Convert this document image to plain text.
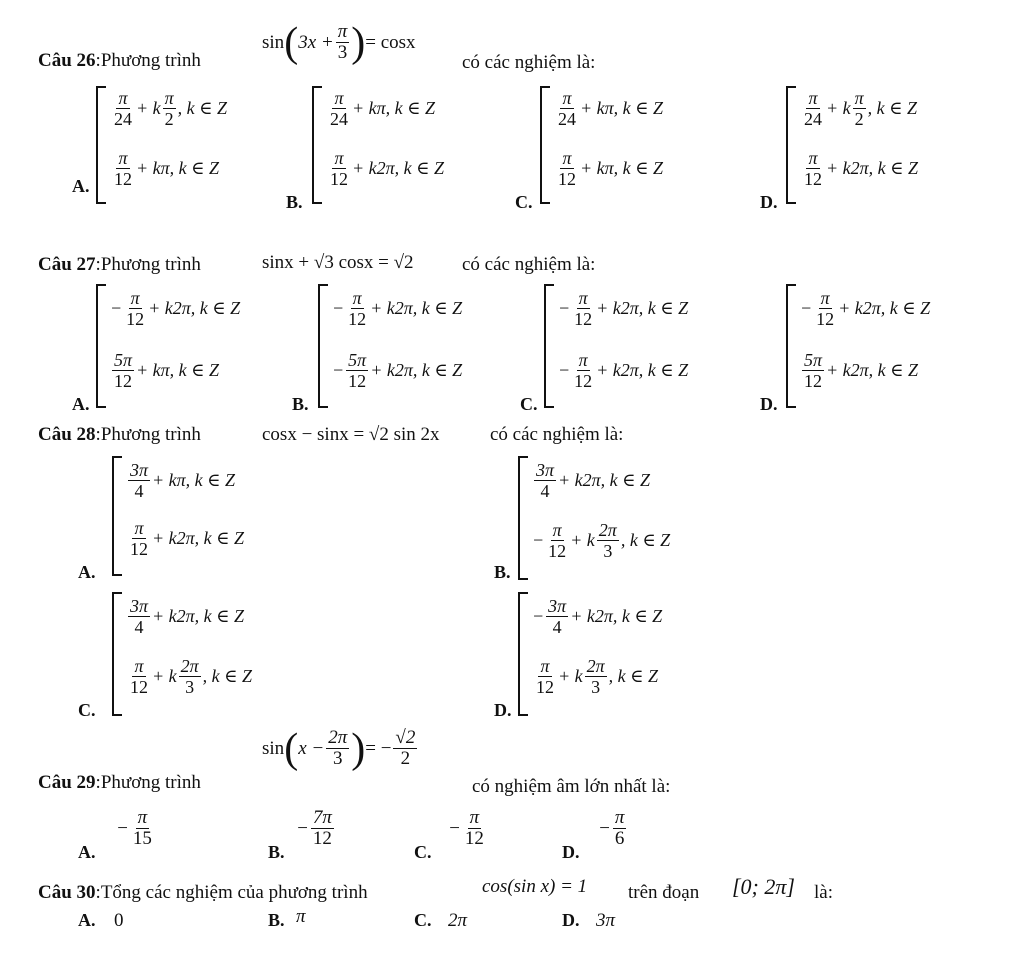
Câu 26:Phương trình
sin ( $3x + \frac{\pi}{3}$ ) = cosx
có các nghiệm là:
A.
$\frac{\pi}{24} + k \frac{\pi}{2}$ , k ∈ Z
$\frac{\pi}{12} + k\pi$, k ∈ Z
B.
$\frac{\pi}{24} + k\pi$, k ∈ Z
$\frac{\pi}{12} + k2\pi$, k ∈ Z
C.
$\frac{\pi}{24} + k\pi$, k ∈ Z
$\frac{\pi}{12} + k\pi$, k ∈ Z
D.
$\frac{\pi}{24} + k \frac{\pi}{2}$ , k ∈ Z
$\frac{\pi}{12} + k2\pi$, k ∈ Z
Câu 27:Phương trình	sinx + √3 cosx = √2	có các nghiệm là:
A.
− $\frac{\pi}{12} + k2\pi$, k ∈ Z
$\frac{5\pi}{12} + k\pi$, k ∈ Z
B.
− $\frac{\pi}{12} + k2\pi$, k ∈ Z
− $\frac{5\pi}{12} + k2\pi$, k ∈ Z
C.
− $\frac{\pi}{12} + k2\pi$, k ∈ Z
− $\frac{\pi}{12} + k2\pi$, k ∈ Z
D.
− $\frac{\pi}{12} + k2\pi$, k ∈ Z
$\frac{5\pi}{12} + k2\pi$, k ∈ Z
Câu 28:Phương trình	cosx − sinx = √2 sin 2x	có các nghiệm là:
A.
$\frac{3\pi}{4} + k\pi$, k ∈ Z
$\frac{\pi}{12} + k2\pi$, k ∈ Z
B.
$\frac{3\pi}{4} + k2\pi$, k ∈ Z
− $\frac{\pi}{12} + k \frac{2\pi}{3}$ , k ∈ Z
C.
$\frac{3\pi}{4} + k2\pi$, k ∈ Z
$\frac{\pi}{12} + k \frac{2\pi}{3}$ , k ∈ Z
D.
− $\frac{3\pi}{4} + k2\pi$, k ∈ Z
$\frac{\pi}{12} + k \frac{2\pi}{3}$ , k ∈ Z
Câu 29:Phương trình
sin ( $x - \frac{2\pi}{3}$ ) = − $\frac{√2}{2}$
có nghiệm âm lớn nhất là:
A.
− $\frac{\pi}{15}$
B.
− $\frac{7\pi}{12}$
C.
− $\frac{\pi}{12}$
D.
− $\frac{\pi}{6}$
Câu 30:Tổng các nghiệm của phương trình	cos(sin x) = 1 trên đoạn [0; 2π] là:
A. 0	B. π	C. 2π	D. 3π
